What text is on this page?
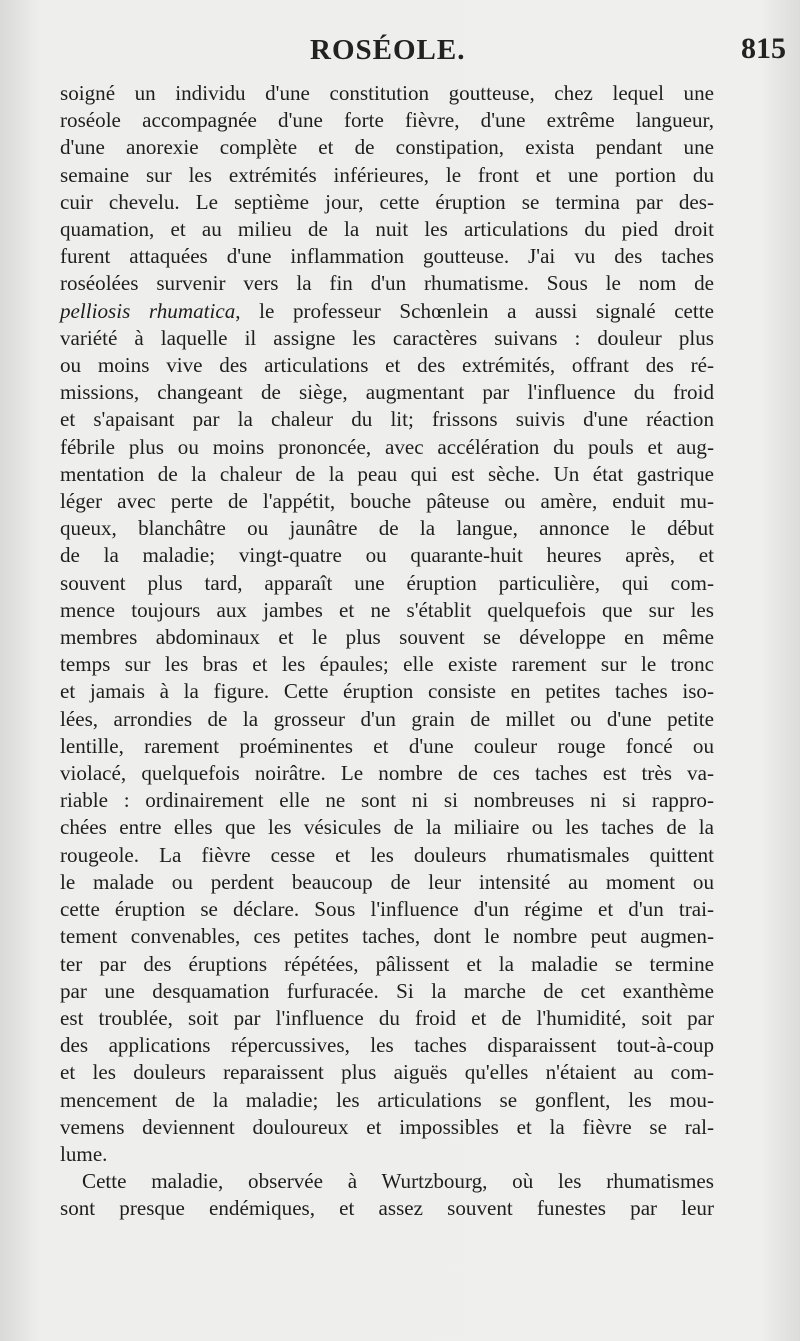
ROSÉOLE.	815

soigné un individu d'une constitution goutteuse, chez lequel une

roséole accompagnée d'une forte fièvre, d'une extrême langueur,

d'une anorexie complète et de constipation, exista pendant une

semaine sur les extrémités inférieures, le front et une portion du

cuir chevelu. Le septième jour, cette éruption se termina par des-

quamation, et au milieu de la nuit les articulations du pied droit

furent attaquées d'une inflammation goutteuse. J'ai vu des taches

roséolées survenir vers la fin d'un rhumatisme. Sous le nom de

pelliosis rhumatica, le professeur Schœnlein a aussi signalé cette

variété à laquelle il assigne les caractères suivans : douleur plus

ou moins vive des articulations et des extrémités, offrant des ré-

missions, changeant de siège, augmentant par l'influence du froid

et s'apaisant par la chaleur du lit; frissons suivis d'une réaction

fébrile plus ou moins prononcée, avec accélération du pouls et aug-

mentation de la chaleur de la peau qui est sèche. Un état gastrique

léger avec perte de l'appétit, bouche pâteuse ou amère, enduit mu-

queux, blanchâtre ou jaunâtre de la langue, annonce le début

de la maladie; vingt-quatre ou quarante-huit heures après, et

souvent plus tard, apparaît une éruption particulière, qui com-

mence toujours aux jambes et ne s'établit quelquefois que sur les

membres abdominaux et le plus souvent se développe en même

temps sur les bras et les épaules; elle existe rarement sur le tronc

et jamais à la figure. Cette éruption consiste en petites taches iso-

lées, arrondies de la grosseur d'un grain de millet ou d'une petite

lentille, rarement proéminentes et d'une couleur rouge foncé ou

violacé, quelquefois noirâtre. Le nombre de ces taches est très va-

riable : ordinairement elle ne sont ni si nombreuses ni si rappro-

chées entre elles que les vésicules de la miliaire ou les taches de la

rougeole. La fièvre cesse et les douleurs rhumatismales quittent

le malade ou perdent beaucoup de leur intensité au moment ou

cette éruption se déclare. Sous l'influence d'un régime et d'un trai-

tement convenables, ces petites taches, dont le nombre peut augmen-

ter par des éruptions répétées, pâlissent et la maladie se termine

par une desquamation furfuracée. Si la marche de cet exanthème

est troublée, soit par l'influence du froid et de l'humidité, soit par

des applications répercussives, les taches disparaissent tout-à-coup

et les douleurs reparaissent plus aiguës qu'elles n'étaient au com-

mencement de la maladie; les articulations se gonflent, les mou-

vemens deviennent douloureux et impossibles et la fièvre se ral-

lume.

Cette maladie, observée à Wurtzbourg, où les rhumatismes

sont presque endémiques, et assez souvent funestes par leur
